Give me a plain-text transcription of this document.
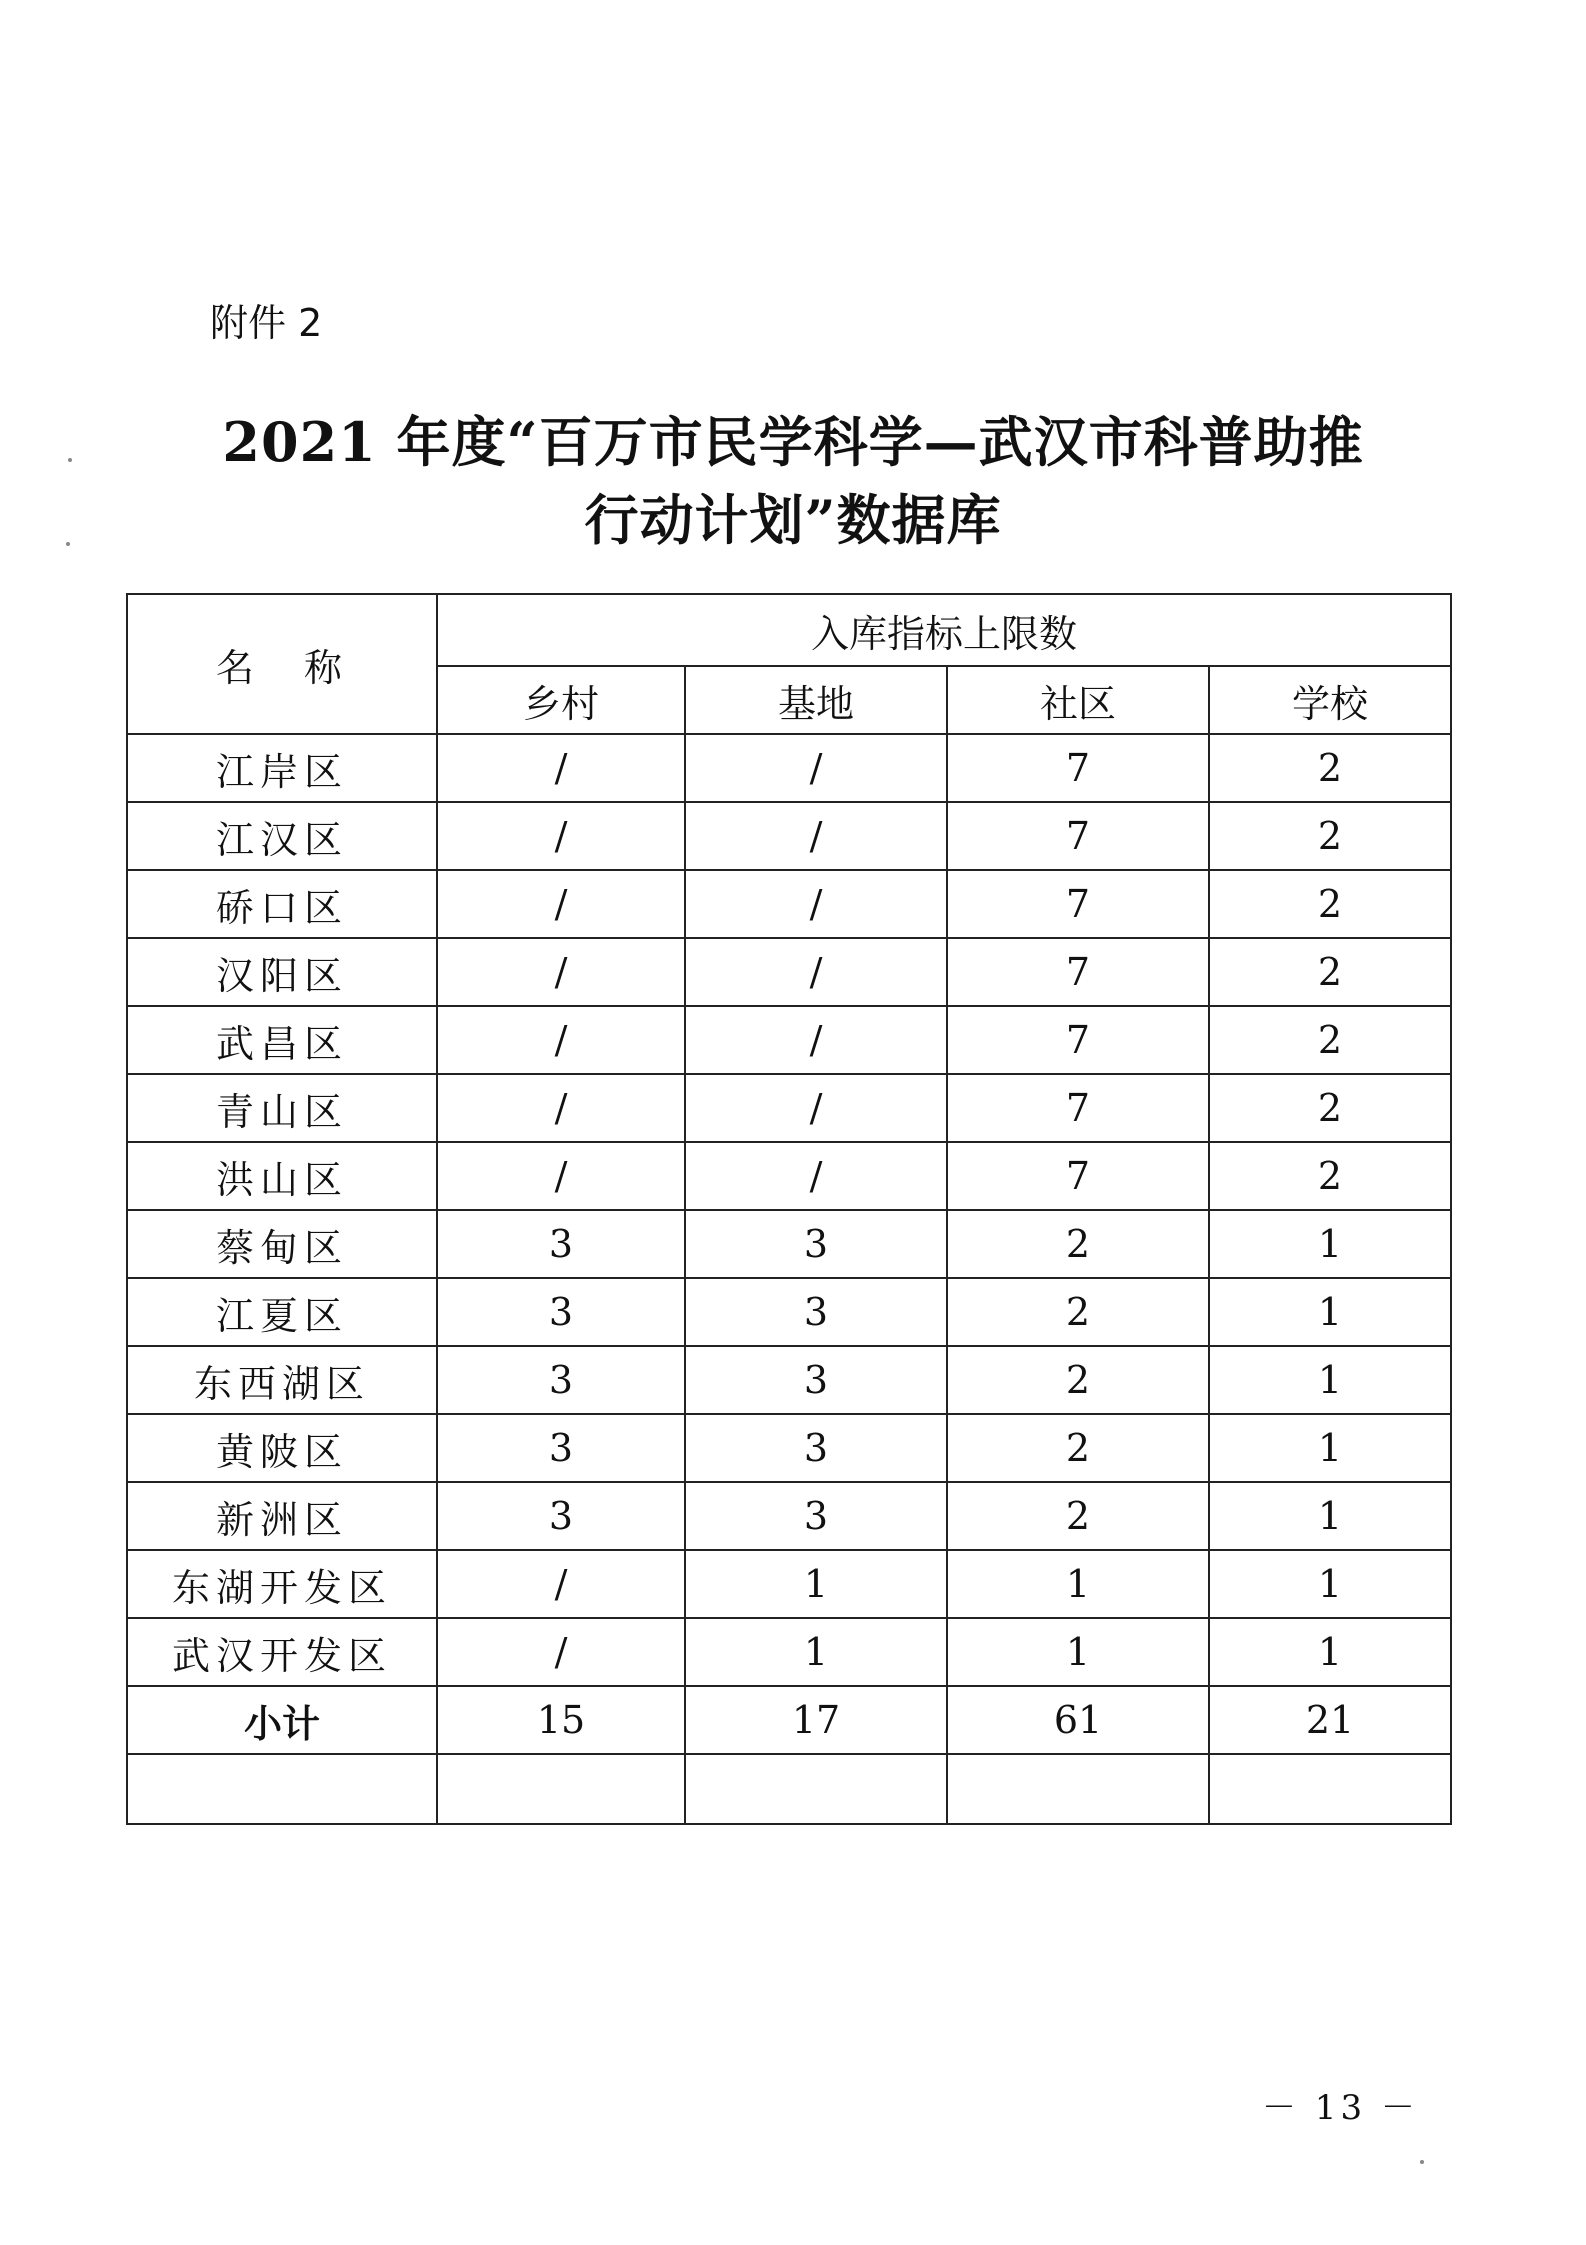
附件 2
2021 年度“百万市民学科学—武汉市科普助推
行动计划”数据库
名　称	入库指标上限数			
	乡村	基地	社区	学校
江岸区	/	/	7	2
江汉区	/	/	7	2
硚口区	/	/	7	2
汉阳区	/	/	7	2
武昌区	/	/	7	2
青山区	/	/	7	2
洪山区	/	/	7	2
蔡甸区	3	3	2	1
江夏区	3	3	2	1
东西湖区	3	3	2	1
黄陂区	3	3	2	1
新洲区	3	3	2	1
东湖开发区	/	1	1	1
武汉开发区	/	1	1	1
小计	15	17	61	21

－ 13 －
